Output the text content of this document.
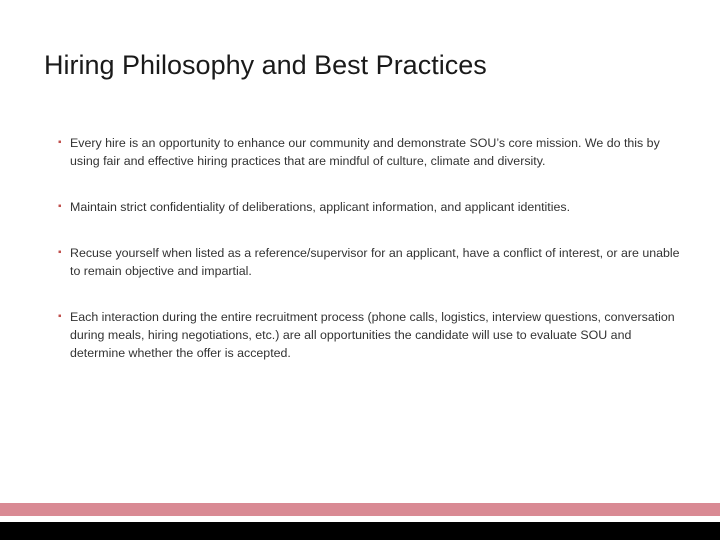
Hiring Philosophy and Best Practices
▪ Every hire is an opportunity to enhance our community and demonstrate SOU’s core mission. We do this by using fair and effective hiring practices that are mindful of culture, climate and diversity.
▪ Maintain strict confidentiality of deliberations, applicant information, and applicant identities.
▪ Recuse yourself when listed as a reference/supervisor for an applicant, have a conflict of interest, or are unable to remain objective and impartial.
▪ Each interaction during the entire recruitment process (phone calls, logistics, interview questions, conversation during meals, hiring negotiations, etc.) are all opportunities the candidate will use to evaluate SOU and determine whether the offer is accepted.
